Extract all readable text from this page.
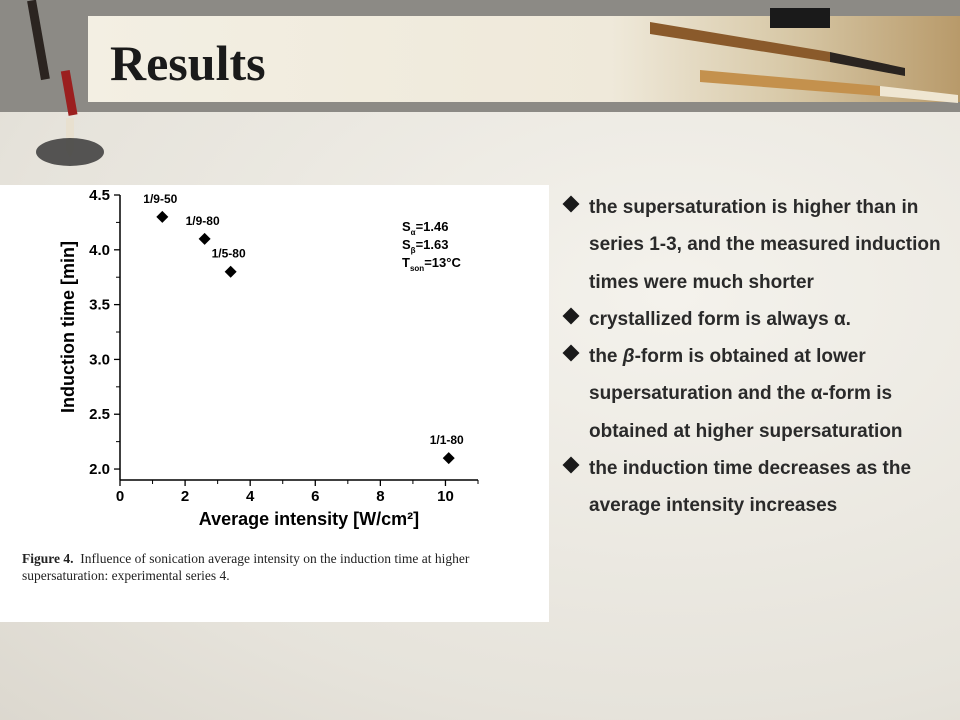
Results
Induction time [min]
0	2	4	6	8	10
2.0
2.5
3.0
3.5
4.0
4.5
Average intensity [W/cm²]
1/9-50
1/9-80
1/5-80
1/1-80
$S_\alpha=1.46$
$S_\beta=1.63$
$T_{son}=13^\circ C$
Figure 4. Influence of sonication average intensity on the induction time at higher supersaturation: experimental series 4.
the supersaturation is higher than in series 1-3, and the measured induction times were much shorter
crystallized form is always α.
the β-form is obtained at lower supersaturation and the α-form is obtained at higher supersaturation
the induction time decreases as the average intensity increases
